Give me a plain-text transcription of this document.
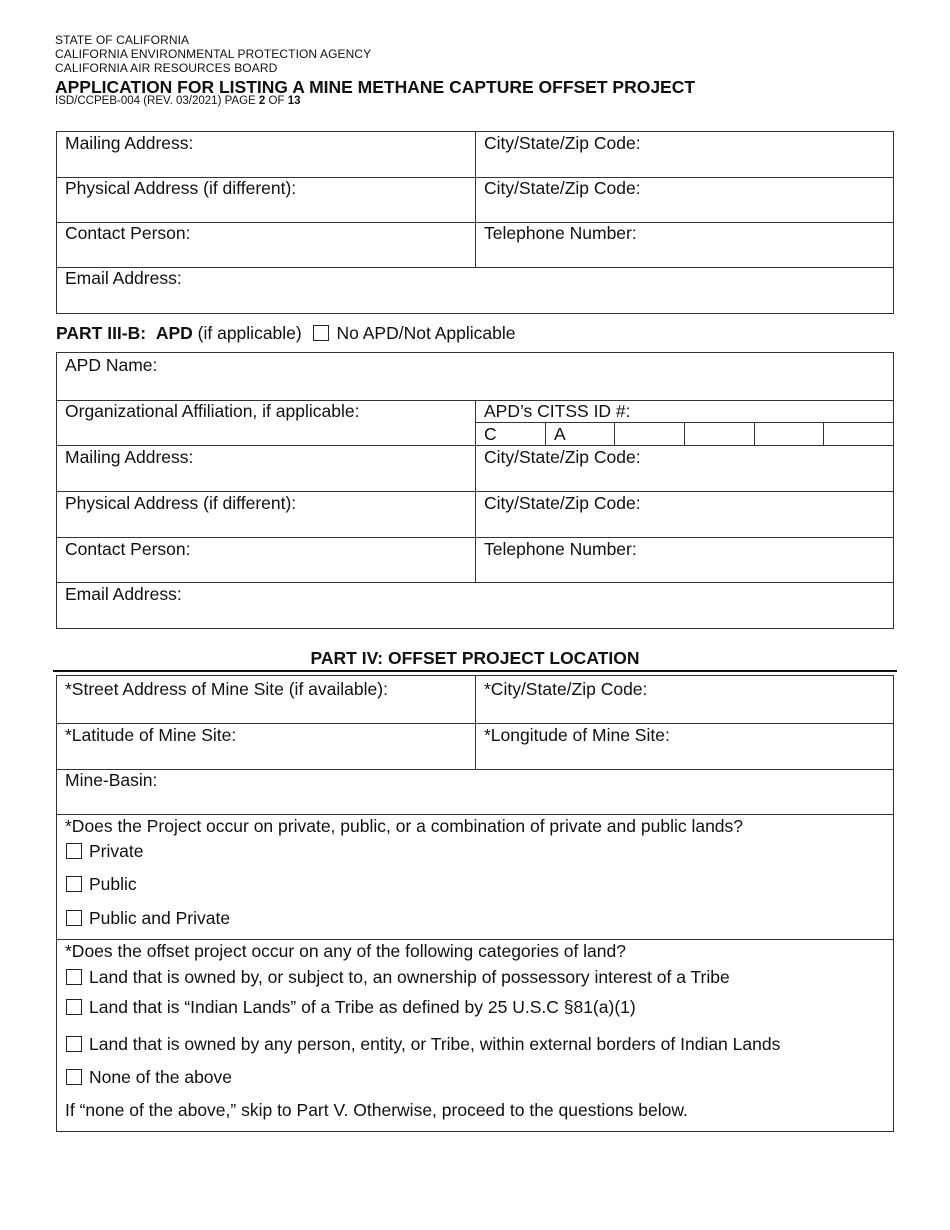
STATE OF CALIFORNIA
CALIFORNIA ENVIRONMENTAL PROTECTION AGENCY
CALIFORNIA AIR RESOURCES BOARD
APPLICATION FOR LISTING A MINE METHANE CAPTURE OFFSET PROJECT
ISD/CCPEB-004 (REV. 03/2021) PAGE 2 OF 13
Mailing Address:	City/State/Zip Code:
Physical Address (if different):	City/State/Zip Code:
Contact Person:	Telephone Number:
Email Address:
PART III-B: APD (if applicable) No APD/Not Applicable
APD Name:
Organizational Affiliation, if applicable:	APD’s CITSS ID #:
C	A
Mailing Address:	City/State/Zip Code:
Physical Address (if different):	City/State/Zip Code:
Contact Person:	Telephone Number:
Email Address:
PART IV: OFFSET PROJECT LOCATION
*Street Address of Mine Site (if available):	*City/State/Zip Code:
*Latitude of Mine Site:	*Longitude of Mine Site:
Mine-Basin:
*Does the Project occur on private, public, or a combination of private and public lands?
*Does the offset project occur on any of the following categories of land?
Private
Public
Public and Private
Land that is owned by, or subject to, an ownership of possessory interest of a Tribe
Land that is “Indian Lands” of a Tribe as defined by 25 U.S.C §81(a)(1)
Land that is owned by any person, entity, or Tribe, within external borders of Indian Lands
None of the above
If “none of the above,” skip to Part V. Otherwise, proceed to the questions below.
